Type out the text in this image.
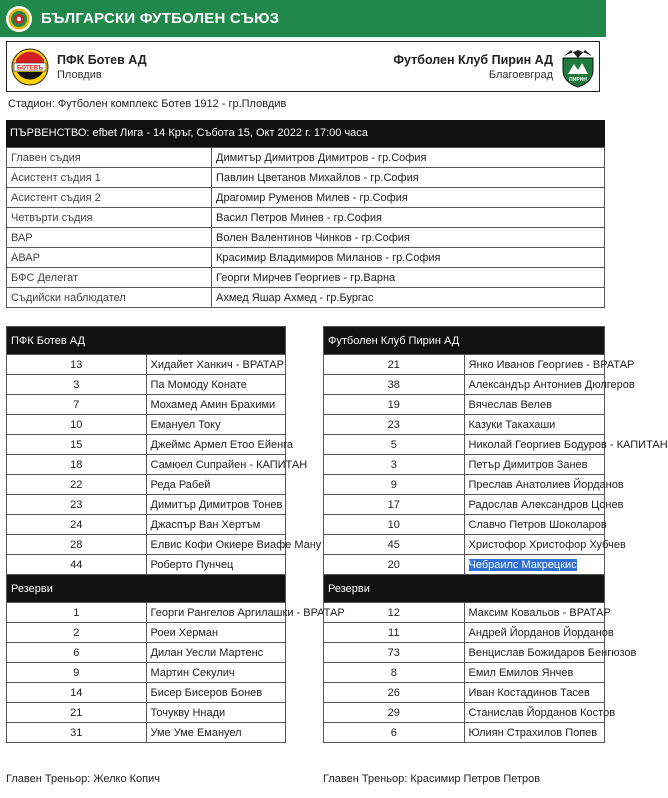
БЪЛГАРСКИ ФУТБОЛЕН СЪЮЗ
БОТЕВЪ
ПФК Ботев АД
Пловдив
Футболен Клуб Пирин АД
Благоевград	ПИРИН
Стадион: Футболен комплекс Ботев 1912 - гр.Пловдив
ПЪРВЕНСТВО: efbet Лига - 14 Кръг, Събота 15, Окт 2022 г. 17:00 часа
Главен съдия	Димитър Димитров Димитров - гр.София
Асистент съдия 1	Павлин Цветанов Михайлов - гр.София
Асистент съдия 2	Драгомир Руменов Милев - гр.София
Четвърти съдия	Васил Петров Минев - гр.София
ВАР	Волен Валентинов Чинков - гр.София
АВАР	Красимир Владимиров Миланов - гр.София
БФС Делегат	Георги Мирчев Георгиев - гр.Варна
Съдийски наблюдател	Ахмед Яшар Ахмед - гр.Бургас
ПФК Ботев АД	
13	Хидайет Ханкич - ВРАТАР
3	Па Момоду Конате
7	Мохамед Амин Брахими
10	Емануел Току
15	Джеймс Армел Етоо Ейенга
18	Самюел Сuпрайен - КАПИТАН
22	Реда Рабей
23	Димитър Димитров Тонев
24	Джаспър Ван Хертъм
28	Елвис Кофи Окиере Виафе Ману
44	Роберто Пунчец
Резерви	
1	Георги Рангелов Аргилашки - ВРАТАР
2	Роеи Херман
6	Дилан Уесли Мартенс
9	Мартин Секулич
14	Бисер Бисеров Бонев
21	Точукву Ннади
31	Уме Уме Емануел
Футболен Клуб Пирин АД	
21	Янко Иванов Георгиев - ВРАТАР
38	Александър Антониев Дюлгеров
19	Вячеслав Велев
23	Казуки Такахаши
5	Николай Георгиев Бодуров - КАПИТАН
3	Петър Димитров Занев
9	Преслав Анатолиев Йорданов
17	Радослав Александров Цонев
10	Славчо Петров Шоколаров
45	Христофор Христофор Хубчев
20	Чебраилс Макрецкис
Резерви	
12	Максим Ковальов - ВРАТАР
11	Андрей Йорданов Йорданов
73	Венцислав Божидаров Бенгюзов
8	Емил Емилов Янчев
26	Иван Костадинов Тасев
29	Станислав Йорданов Костов
6	Юлиян Страхилов Попев
Главен Треньор: Желко Копич	Главен Треньор: Красимир Петров Петров
